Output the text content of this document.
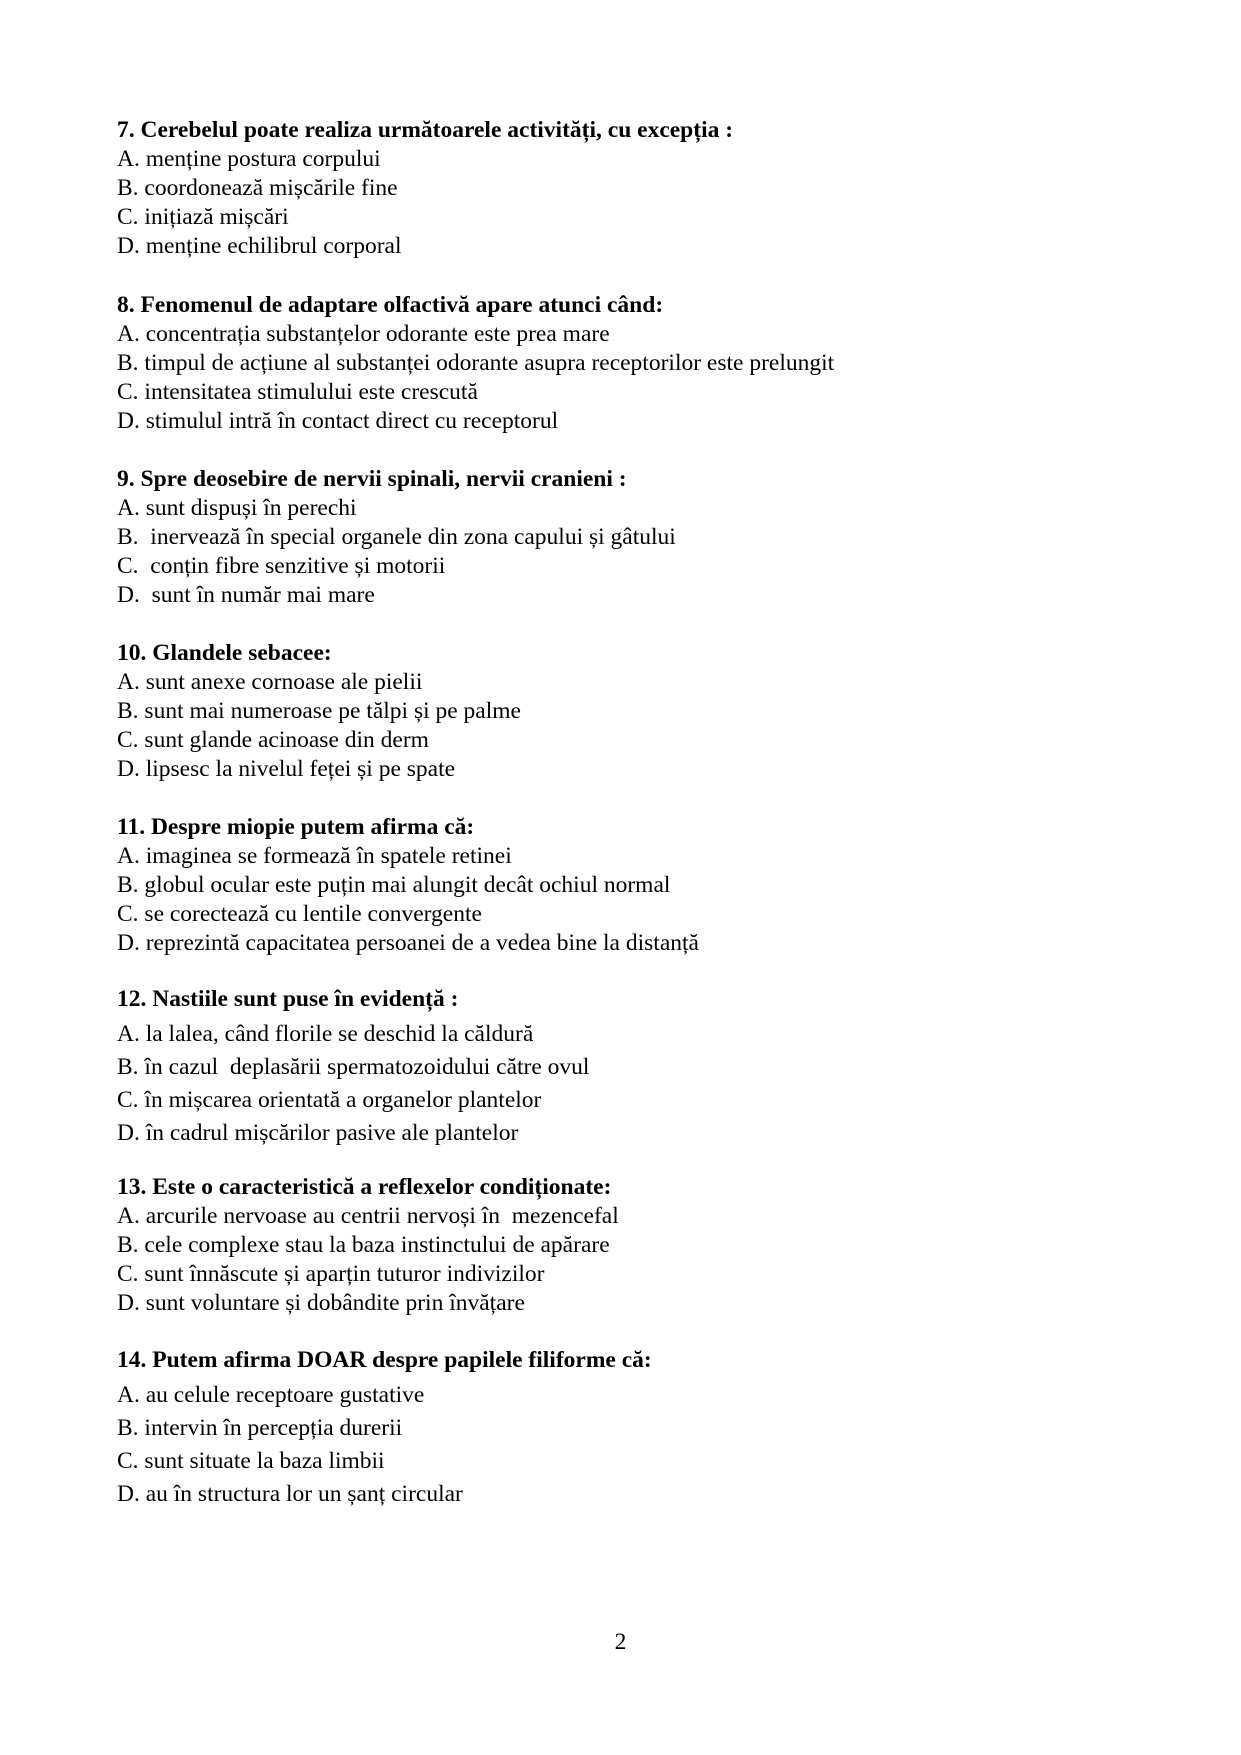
7. Cerebelul poate realiza următoarele activități, cu excepția :
A. menține postura corpului
B. coordonează mișcările fine
C. inițiază mișcări
D. menține echilibrul corporal
8. Fenomenul de adaptare olfactivă apare atunci când:
A. concentrația substanțelor odorante este prea mare
B. timpul de acțiune al substanței odorante asupra receptorilor este prelungit
C. intensitatea stimulului este crescută
D. stimulul intră în contact direct cu receptorul
9. Spre deosebire de nervii spinali, nervii cranieni :
A. sunt dispuși în perechi
B.  inervează în special organele din zona capului și gâtului
C.  conțin fibre senzitive și motorii
D.  sunt în număr mai mare
10. Glandele sebacee:
A. sunt anexe cornoase ale pielii
B. sunt mai numeroase pe tălpi și pe palme
C. sunt glande acinoase din derm
D. lipsesc la nivelul feței și pe spate
11. Despre miopie putem afirma că:
A. imaginea se formează în spatele retinei
B. globul ocular este puțin mai alungit decât ochiul normal
C. se corectează cu lentile convergente
D. reprezintă capacitatea persoanei de a vedea bine la distanță
12. Nastiile sunt puse în evidență :
A. la lalea, când florile se deschid la căldură
B. în cazul  deplasării spermatozoidului către ovul
C. în mișcarea orientată a organelor plantelor
D. în cadrul mișcărilor pasive ale plantelor
13. Este o caracteristică a reflexelor condiționate:
A. arcurile nervoase au centrii nervoși în  mezencefal
B. cele complexe stau la baza instinctului de apărare
C. sunt înnăscute și aparțin tuturor indivizilor
D. sunt voluntare și dobândite prin învățare
14. Putem afirma DOAR despre papilele filiforme că:
A. au celule receptoare gustative
B. intervin în percepția durerii
C. sunt situate la baza limbii
D. au în structura lor un șanț circular
2
